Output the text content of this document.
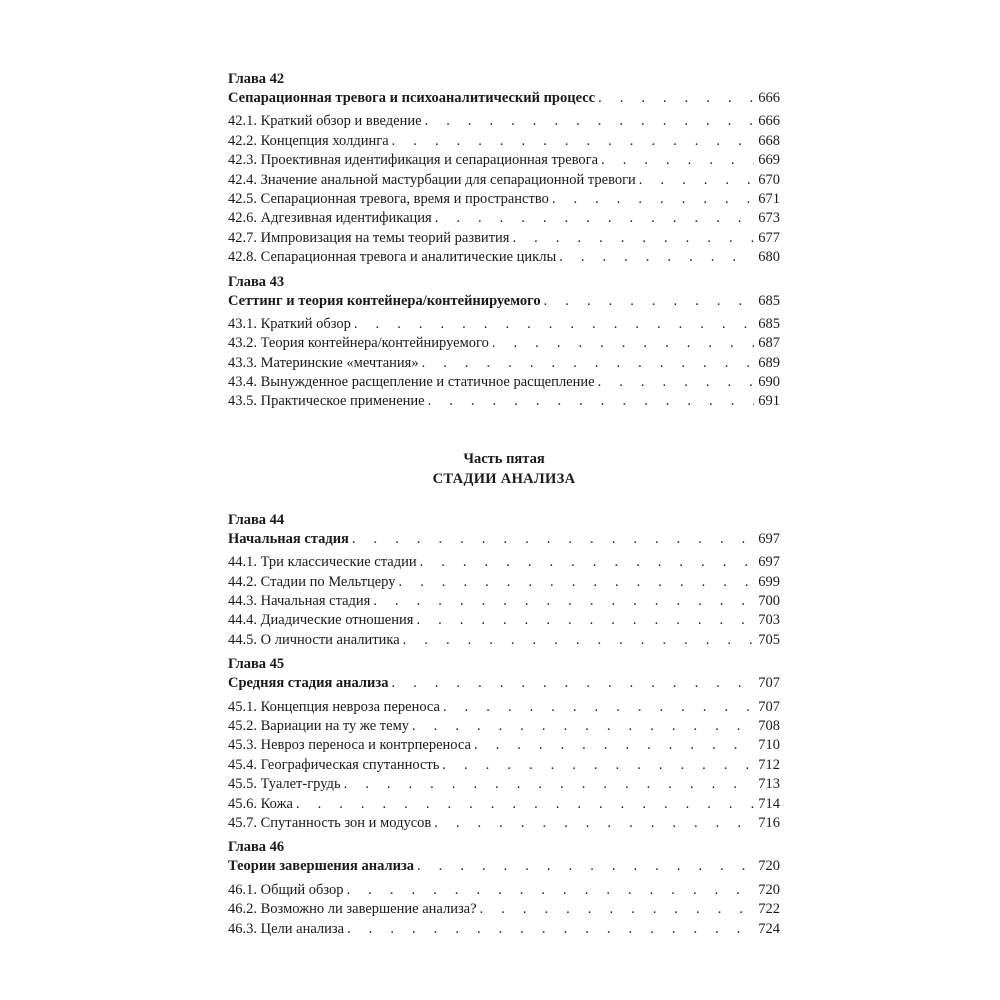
Глава 42
Сепарационная тревога и психоаналитический процесс . . .	666
42.1. Краткий обзор и введение . . .	666
42.2. Концепция холдинга . . .	668
42.3. Проективная идентификация и сепарационная тревога . . .	669
42.4. Значение анальной мастурбации для сепарационной тревоги . . .	670
42.5. Сепарационная тревога, время и пространство . . .	671
42.6. Адгезивная идентификация . . .	673
42.7. Импровизация на темы теорий развития . . .	677
42.8. Сепарационная тревога и аналитические циклы . . .	680
Глава 43
Сеттинг и теория контейнера/контейнируемого . . .	685
43.1. Краткий обзор . . .	685
43.2. Теория контейнера/контейнируемого . . .	687
43.3. Материнские «мечтания» . . .	689
43.4. Вынужденное расщепление и статичное расщепление . . .	690
43.5. Практическое применение . . .	691
Часть пятая
СТАДИИ АНАЛИЗА
Глава 44
Начальная стадия . . .	697
44.1. Три классические стадии . . .	697
44.2. Стадии по Мельтцеру . . .	699
44.3. Начальная стадия . . .	700
44.4. Диадические отношения . . .	703
44.5. О личности аналитика . . .	705
Глава 45
Средняя стадия анализа . . .	707
45.1. Концепция невроза переноса . . .	707
45.2. Вариации на ту же тему . . .	708
45.3. Невроз переноса и контрпереноса . . .	710
45.4. Географическая спутанность . . .	712
45.5. Туалет-грудь . . .	713
45.6. Кожа . . .	714
45.7. Спутанность зон и модусов . . .	716
Глава 46
Теории завершения анализа . . .	720
46.1. Общий обзор . . .	720
46.2. Возможно ли завершение анализа? . . .	722
46.3. Цели анализа . . .	724
